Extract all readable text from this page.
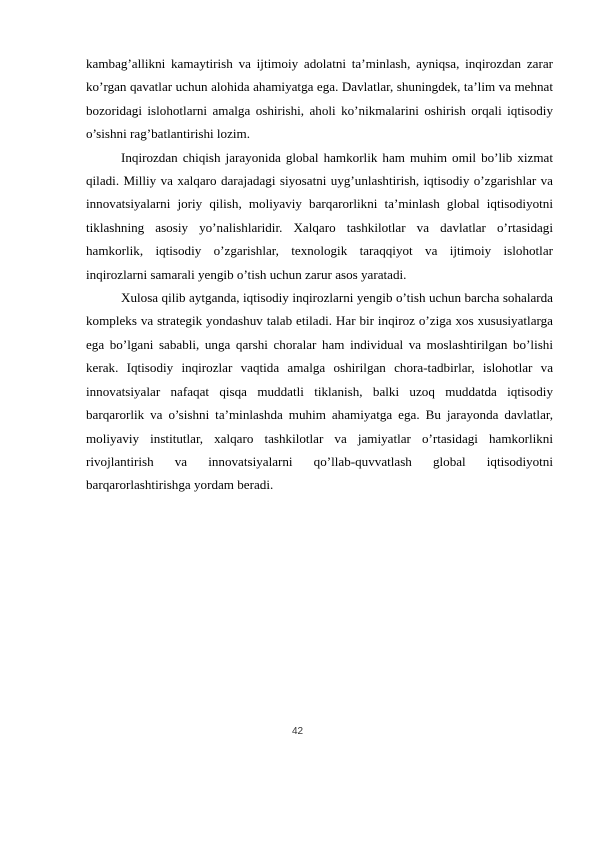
kambag’allikni kamaytirish va ijtimoiy adolatni ta’minlash, ayniqsa, inqirozdan zarar ko’rgan qavatlar uchun alohida ahamiyatga ega. Davlatlar, shuningdek, ta’lim va mehnat bozoridagi islohotlarni amalga oshirishi, aholi ko’nikmalarini oshirish orqali iqtisodiy o’sishni rag’batlantirishi lozim.

Inqirozdan chiqish jarayonida global hamkorlik ham muhim omil bo’lib xizmat qiladi. Milliy va xalqaro darajadagi siyosatni uyg’unlashtirish, iqtisodiy o’zgarishlar va innovatsiyalarni joriy qilish, moliyaviy barqarorlikni ta’minlash global iqtisodiyotni tiklashning asosiy yo’nalishlaridir. Xalqaro tashkilotlar va davlatlar o’rtasidagi hamkorlik, iqtisodiy o’zgarishlar, texnologik taraqqiyot va ijtimoiy islohotlar inqirozlarni samarali yengib o’tish uchun zarur asos yaratadi.

Xulosa qilib aytganda, iqtisodiy inqirozlarni yengib o’tish uchun barcha sohalarda kompleks va strategik yondashuv talab etiladi. Har bir inqiroz o’ziga xos xususiyatlarga ega bo’lgani sababli, unga qarshi choralar ham individual va moslashtirilgan bo’lishi kerak. Iqtisodiy inqirozlar vaqtida amalga oshirilgan chora-tadbirlar, islohotlar va innovatsiyalar nafaqat qisqa muddatli tiklanish, balki uzoq muddatda iqtisodiy barqarorlik va o’sishni ta’minlashda muhim ahamiyatga ega. Bu jarayonda davlatlar, moliyaviy institutlar, xalqaro tashkilotlar va jamiyatlar o’rtasidagi hamkorlikni rivojlantirish va innovatsiyalarni qo’llab-quvvatlash global iqtisodiyotni barqarorlashtirishga yordam beradi.

42
